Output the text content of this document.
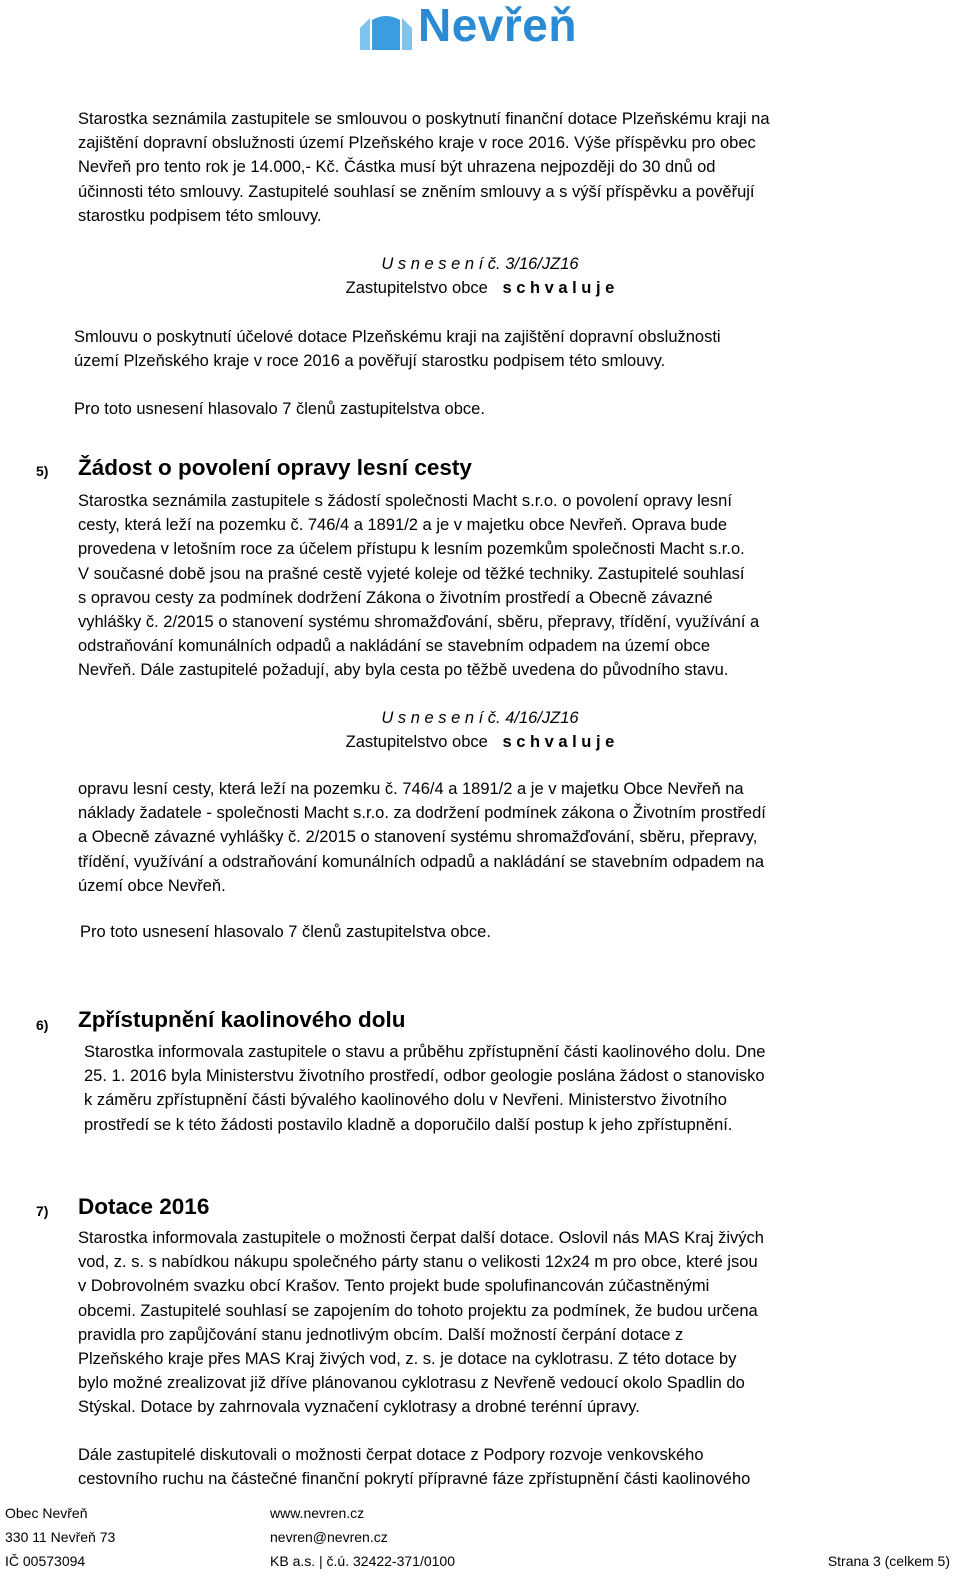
Nevřeň
Starostka seznámila zastupitele se smlouvou o poskytnutí finanční dotace Plzeňskému kraji na
zajištění dopravní obslužnosti území Plzeňského kraje v roce 2016. Výše příspěvku pro obec
Nevřeň pro tento rok je 14.000,- Kč. Částka musí být uhrazena nejpozději do 30 dnů od
účinnosti této smlouvy. Zastupitelé souhlasí se zněním smlouvy a s výší příspěvku a pověřují
starostku podpisem této smlouvy.
U s n e s e n í č. 3/16/JZ16
Zastupitelstvo obce s c h v a l u j e
Smlouvu o poskytnutí účelové dotace Plzeňskému kraji na zajištění dopravní obslužnosti
území Plzeňského kraje v roce 2016 a pověřují starostku podpisem této smlouvy.
Pro toto usnesení hlasovalo 7 členů zastupitelstva obce.
5) Žádost o povolení opravy lesní cesty
Starostka seznámila zastupitele s žádostí společnosti Macht s.r.o. o povolení opravy lesní
cesty, která leží na pozemku č. 746/4 a 1891/2 a je v majetku obce Nevřeň. Oprava bude
provedena v letošním roce za účelem přístupu k lesním pozemkům společnosti Macht s.r.o.
V současné době jsou na prašné cestě vyjeté koleje od těžké techniky. Zastupitelé souhlasí
s opravou cesty za podmínek dodržení Zákona o životním prostředí a Obecně závazné
vyhlášky č. 2/2015 o stanovení systému shromažďování, sběru, přepravy, třídění, využívání a
odstraňování komunálních odpadů a nakládání se stavebním odpadem na území obce
Nevřeň. Dále zastupitelé požadují, aby byla cesta po těžbě uvedena do původního stavu.
U s n e s e n í č. 4/16/JZ16
Zastupitelstvo obce s c h v a l u j e
opravu lesní cesty, která leží na pozemku č. 746/4 a 1891/2 a je v majetku Obce Nevřeň na
náklady žadatele - společnosti Macht s.r.o. za dodržení podmínek zákona o Životním prostředí
a Obecně závazné vyhlášky č. 2/2015 o stanovení systému shromažďování, sběru, přepravy,
třídění, využívání a odstraňování komunálních odpadů a nakládání se stavebním odpadem na
území obce Nevřeň.
Pro toto usnesení hlasovalo 7 členů zastupitelstva obce.
6) Zpřístupnění kaolinového dolu
Starostka informovala zastupitele o stavu a průběhu zpřístupnění části kaolinového dolu. Dne
25. 1. 2016 byla Ministerstvu životního prostředí, odbor geologie poslána žádost o stanovisko
k záměru zpřístupnění části bývalého kaolinového dolu v Nevřeni. Ministerstvo životního
prostředí se k této žádosti postavilo kladně a doporučilo další postup k jeho zpřístupnění.
7) Dotace 2016
Starostka informovala zastupitele o možnosti čerpat další dotace. Oslovil nás MAS Kraj živých
vod, z. s. s nabídkou nákupu společného párty stanu o velikosti 12x24 m pro obce, které jsou
v Dobrovolném svazku obcí Krašov. Tento projekt bude spolufinancován zúčastněnými
obcemi. Zastupitelé souhlasí se zapojením do tohoto projektu za podmínek, že budou určena
pravidla pro zapůjčování stanu jednotlivým obcím. Další možností čerpání dotace z
Plzeňského kraje přes MAS Kraj živých vod, z. s. je dotace na cyklotrasu. Z této dotace by
bylo možné zrealizovat již dříve plánovanou cyklotrasu z Nevřeně vedoucí okolo Spadlin do
Stýskal. Dotace by zahrnovala vyznačení cyklotrasy a drobné terénní úpravy.
Dále zastupitelé diskutovali o možnosti čerpat dotace z Podpory rozvoje venkovského
cestovního ruchu na částečné finanční pokrytí přípravné fáze zpřístupnění části kaolinového
Obec Nevřeň
330 11 Nevřeň 73
IČ 00573094
www.nevren.cz
nevren@nevren.cz
KB a.s. | č.ú. 32422-371/0100	Strana 3 (celkem 5)
